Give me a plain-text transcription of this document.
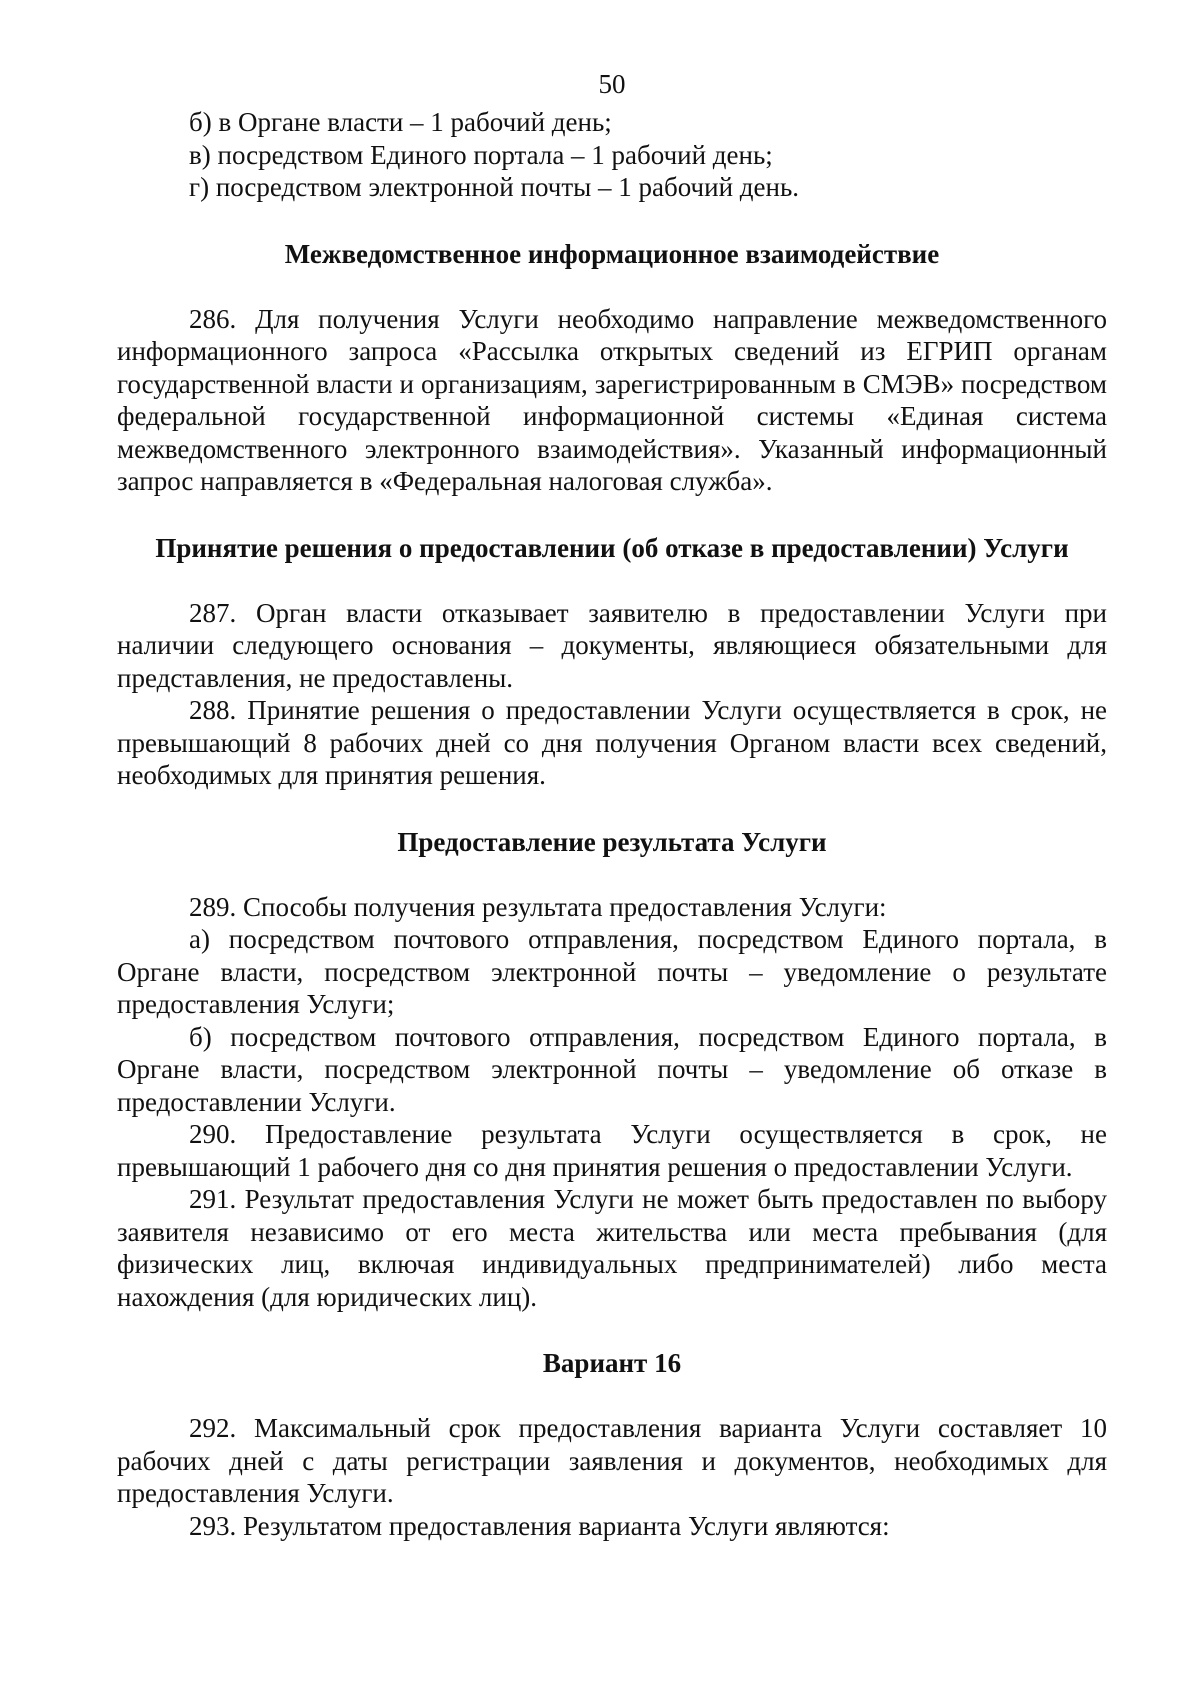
50

б) в Органе власти – 1 рабочий день;

в) посредством Единого портала – 1 рабочий день;

г) посредством электронной почты – 1 рабочий день.

Межведомственное информационное взаимодействие

286. Для получения Услуги необходимо направление межведомственного информационного запроса «Рассылка открытых сведений из ЕГРИП органам государственной власти и организациям, зарегистрированным в СМЭВ» посредством федеральной государственной информационной системы «Единая система межведомственного электронного взаимодействия». Указанный информационный запрос направляется в «Федеральная налоговая служба».

Принятие решения о предоставлении (об отказе в предоставлении) Услуги

287. Орган власти отказывает заявителю в предоставлении Услуги при наличии следующего основания – документы, являющиеся обязательными для представления, не предоставлены.

288. Принятие решения о предоставлении Услуги осуществляется в срок, не превышающий 8 рабочих дней со дня получения Органом власти всех сведений, необходимых для принятия решения.

Предоставление результата Услуги

289. Способы получения результата предоставления Услуги:

а) посредством почтового отправления, посредством Единого портала, в Органе власти, посредством электронной почты – уведомление о результате предоставления Услуги;

б) посредством почтового отправления, посредством Единого портала, в Органе власти, посредством электронной почты – уведомление об отказе в предоставлении Услуги.

290. Предоставление результата Услуги осуществляется в срок, не превышающий 1 рабочего дня со дня принятия решения о предоставлении Услуги.

291. Результат предоставления Услуги не может быть предоставлен по выбору заявителя независимо от его места жительства или места пребывания (для физических лиц, включая индивидуальных предпринимателей) либо места нахождения (для юридических лиц).

Вариант 16

292. Максимальный срок предоставления варианта Услуги составляет 10 рабочих дней с даты регистрации заявления и документов, необходимых для предоставления Услуги.

293. Результатом предоставления варианта Услуги являются:
